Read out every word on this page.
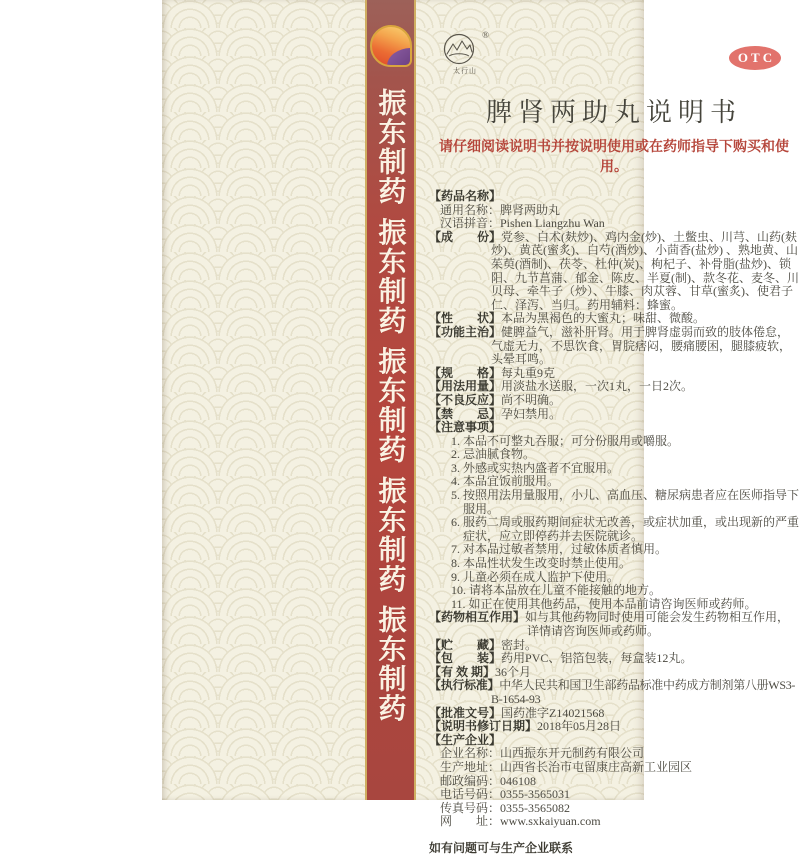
振东制药 振东制药 振东制药 振东制药 振东制药
®
太行山
OTC
脾肾两助丸说明书
请仔细阅读说明书并按说明使用或在药师指导下购买和使用。
【药品名称】
通用名称：脾肾两助丸
汉语拼音：Pishen Liangzhu Wan
【成　　份】党参、白术(麸炒)、鸡内金(炒)、土鳖虫、川芎、山药(麸炒)、黄芪(蜜炙)、白芍(酒炒)、小茴香(盐炒) 、熟地黄、山茱萸(酒制)、茯苓、杜仲(炭)、枸杞子、补骨脂(盐炒)、锁阳、九节菖蒲、郁金、陈皮、半夏(制)、款冬花、麦冬、川贝母、牵牛子（炒）、牛膝、肉苁蓉、甘草(蜜炙)、使君子仁、泽泻、当归。药用辅料：蜂蜜。
【性　　状】本品为黑褐色的大蜜丸；味甜、微酸。
【功能主治】健脾益气，滋补肝肾。用于脾肾虚弱而致的肢体倦怠，气虚无力，不思饮食，胃脘痞闷，腰痛腰困，腿膝疲软，头晕耳鸣。
【规　　格】每丸重9克
【用法用量】用淡盐水送服，一次1丸，一日2次。
【不良反应】尚不明确。
【禁　　忌】孕妇禁用。
【注意事项】
1. 本品不可整丸吞服；可分份服用或嚼服。
2. 忌油腻食物。
3. 外感或实热内盛者不宜服用。
4. 本品宜饭前服用。
5. 按照用法用量服用，小儿、高血压、糖尿病患者应在医师指导下服用。
6. 服药二周或服药期间症状无改善，或症状加重，或出现新的严重症状，应立即停药并去医院就诊。
7. 对本品过敏者禁用，过敏体质者慎用。
8. 本品性状发生改变时禁止使用。
9. 儿童必须在成人监护下使用。
10. 请将本品放在儿童不能接触的地方。
11. 如正在使用其他药品，使用本品前请咨询医师或药师。
【药物相互作用】如与其他药物同时使用可能会发生药物相互作用，详情请咨询医师或药师。
【贮　　藏】密封。
【包　　装】药用PVC、铝箔包装，每盒装12丸。
【有 效 期】36个月
【执行标准】中华人民共和国卫生部药品标准中药成方制剂第八册WS3-B-1654-93
【批准文号】国药准字Z14021568
【说明书修订日期】2018年05月28日
【生产企业】
企业名称：山西振东开元制药有限公司
生产地址：山西省长治市屯留康庄高新工业园区
邮政编码：046108
电话号码：0355-3565031
传真号码：0355-3565082
网　　址：www.sxkaiyuan.com
如有问题可与生产企业联系
